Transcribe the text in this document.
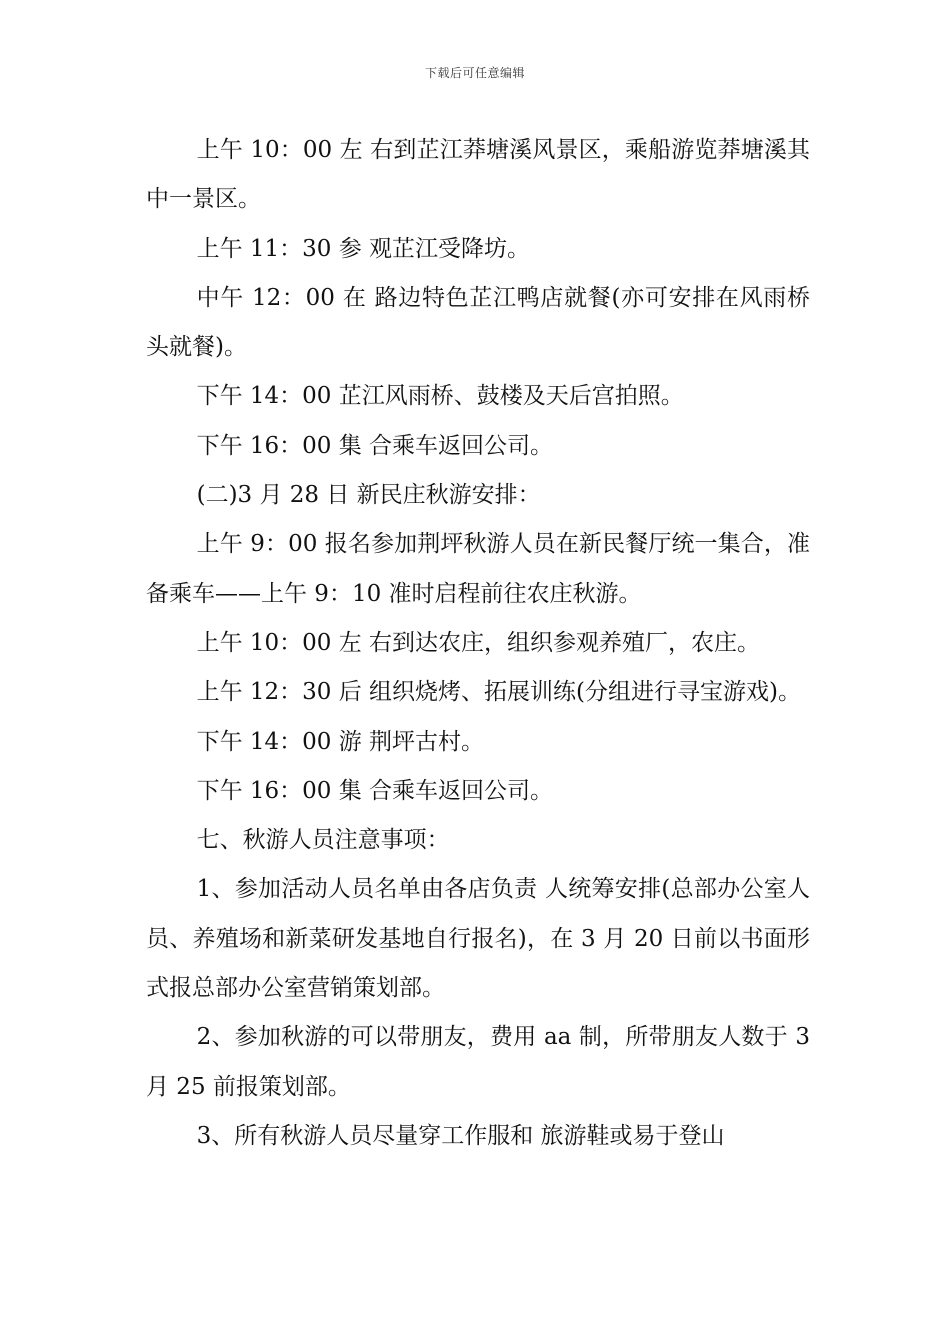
下载后可任意编辑

上午 10：00 左 右到芷江莽塘溪风景区，乘船游览莽塘溪其中一景区。

上午 11：30 参 观芷江受降坊。

中午 12：00 在 路边特色芷江鸭店就餐(亦可安排在风雨桥头就餐)。

下午 14：00 芷江风雨桥、鼓楼及天后宫拍照。

下午 16：00 集 合乘车返回公司。

(二)3 月 28 日 新民庄秋游安排：

上午 9：00 报名参加荆坪秋游人员在新民餐厅统一集合，准备乘车——上午 9：10 准时启程前往农庄秋游。

上午 10：00 左 右到达农庄，组织参观养殖厂，农庄。

上午 12：30 后 组织烧烤、拓展训练(分组进行寻宝游戏)。

下午 14：00 游 荆坪古村。

下午 16：00 集 合乘车返回公司。

七、秋游人员注意事项：

1、参加活动人员名单由各店负责 人统筹安排(总部办公室人员、养殖场和新菜研发基地自行报名)，在 3 月 20 日前以书面形式报总部办公室营销策划部。

2、参加秋游的可以带朋友，费用 aa 制，所带朋友人数于 3 月 25 前报策划部。

3、所有秋游人员尽量穿工作服和 旅游鞋或易于登山
